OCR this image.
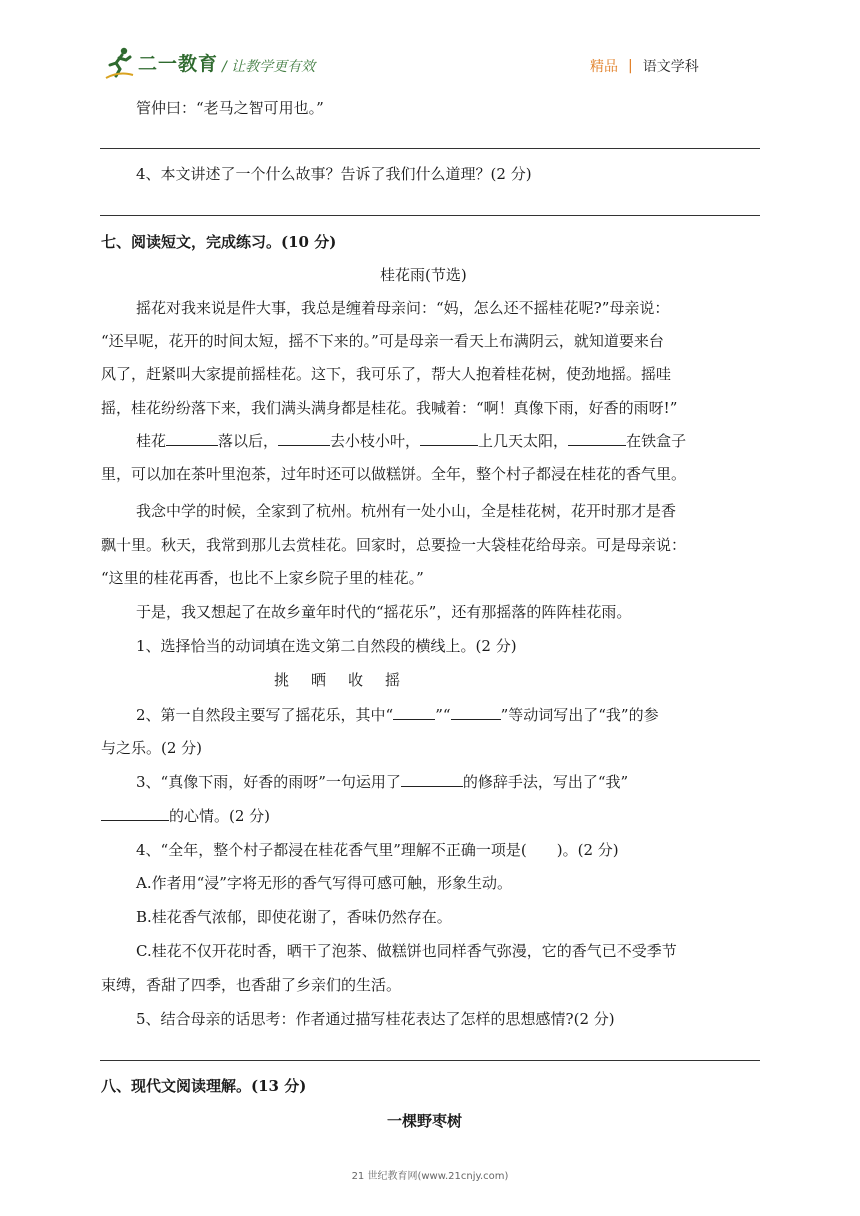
二一教育 / 让教学更有效	精品 | 语文学科
管仲曰：“老马之智可用也。”
4、本文讲述了一个什么故事？告诉了我们什么道理？(2 分)
七、阅读短文，完成练习。(10 分)
桂花雨(节选)
摇花对我来说是件大事，我总是缠着母亲问：“妈，怎么还不摇桂花呢?”母亲说：
“还早呢，花开的时间太短，摇不下来的。”可是母亲一看天上布满阴云，就知道要来台
风了，赶紧叫大家提前摇桂花。这下，我可乐了，帮大人抱着桂花树，使劲地摇。摇哇
摇，桂花纷纷落下来，我们满头满身都是桂花。我喊着：“啊！真像下雨，好香的雨呀!”
桂花	落以后，	去小枝小叶，	上几天太阳，	在铁盒子
里，可以加在茶叶里泡茶，过年时还可以做糕饼。全年，整个村子都浸在桂花的香气里。
我念中学的时候，全家到了杭州。杭州有一处小山，全是桂花树，花开时那才是香
飘十里。秋天，我常到那儿去赏桂花。回家时，总要捡一大袋桂花给母亲。可是母亲说：
“这里的桂花再香，也比不上家乡院子里的桂花。”
于是，我又想起了在故乡童年时代的“摇花乐”，还有那摇落的阵阵桂花雨。
1、选择恰当的动词填在选文第二自然段的横线上。(2 分)
挑 晒 收 摇
2、第一自然段主要写了摇花乐，其中“	”“	”等动词写出了“我”的参
与之乐。(2 分)
3、“真像下雨，好香的雨呀”一句运用了	的修辞手法，写出了“我”
的心情。(2 分)
4、“全年，整个村子都浸在桂花香气里”理解不正确一项是(　　)。(2 分)
A.作者用“浸”字将无形的香气写得可感可触，形象生动。
B.桂花香气浓郁，即使花谢了，香味仍然存在。
C.桂花不仅开花时香，晒干了泡茶、做糕饼也同样香气弥漫，它的香气已不受季节
束缚，香甜了四季，也香甜了乡亲们的生活。
5、结合母亲的话思考：作者通过描写桂花表达了怎样的思想感情?(2 分)
八、现代文阅读理解。(13 分)
一棵野枣树
21 世纪教育网(www.21cnjy.com)
